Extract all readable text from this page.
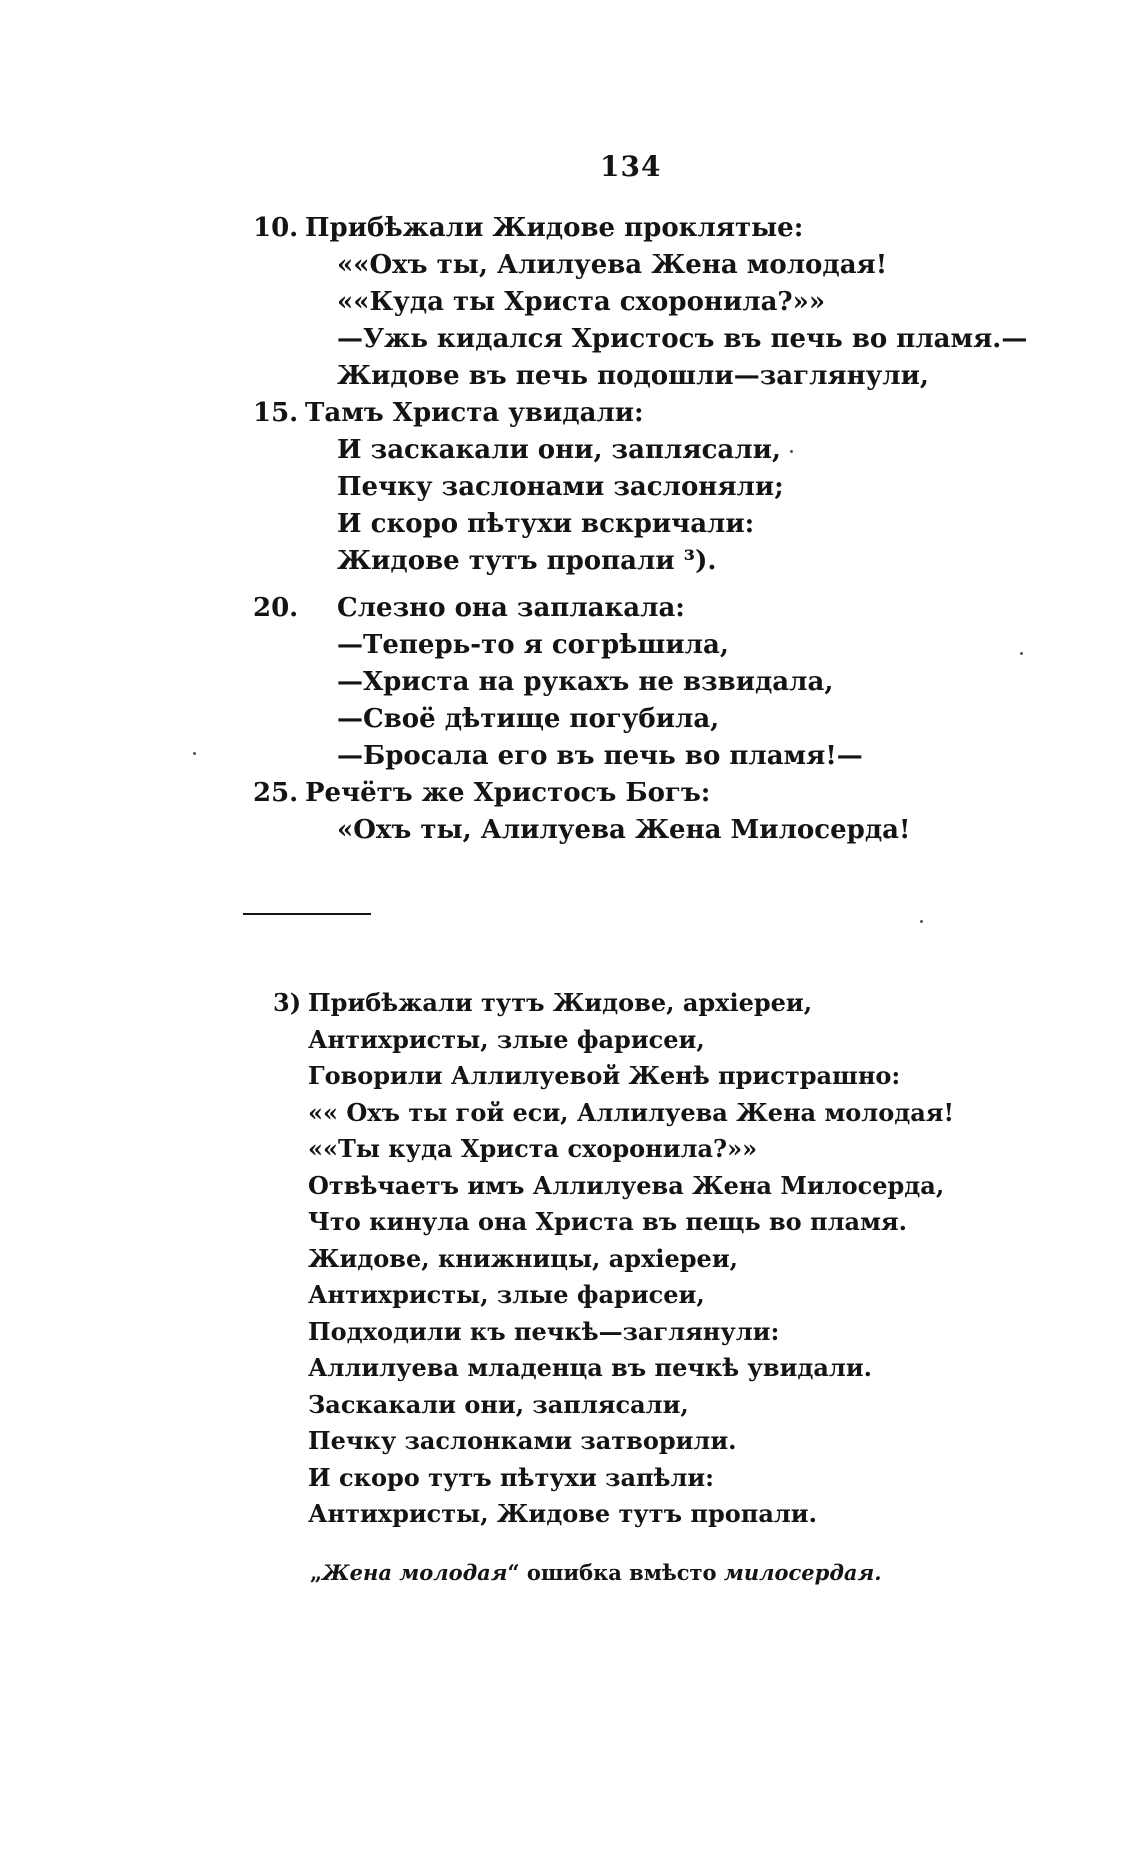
134
10. Прибѣжали Жидове проклятые:
««Охъ ты, Алилуева Жена молодая!
««Куда ты Христа схоронила?»»
—Ужь кидался Христосъ въ печь во пламя.—
Жидове въ печь подошли—заглянули,
15. Тамъ Христа увидали:
И заскакали они, заплясали,
Печку заслонами заслоняли;
И скоро пѣтухи вскричали:
Жидове тутъ пропали ³).
20. Слезно она заплакала:
—Теперь-то я согрѣшила,
—Христа на рукахъ не взвидала,
—Своё дѣтище погубила,
—Бросала его въ печь во пламя!—
25. Речётъ же Христосъ Богъ:
«Охъ ты, Алилуева Жена Милосерда!
3) Прибѣжали тутъ Жидове, архіереи,
Антихристы, злые фарисеи,
Говорили Аллилуевой Женѣ пристрашно:
«« Охъ ты гой еси, Аллилуева Жена молодая!
««Ты куда Христа схоронила?»»
Отвѣчаетъ имъ Аллилуева Жена Милосерда,
Что кинула она Христа въ пещь во пламя.
Жидове, книжницы, архіереи,
Антихристы, злые фарисеи,
Подходили къ печкѣ—заглянули:
Аллилуева младенца въ печкѣ увидали.
Заскакали они, заплясали,
Печку заслонками затворили.
И скоро тутъ пѣтухи запѣли:
Антихристы, Жидове тутъ пропали.
„Жена молодая“ ошибка вмѣсто милосердая.
